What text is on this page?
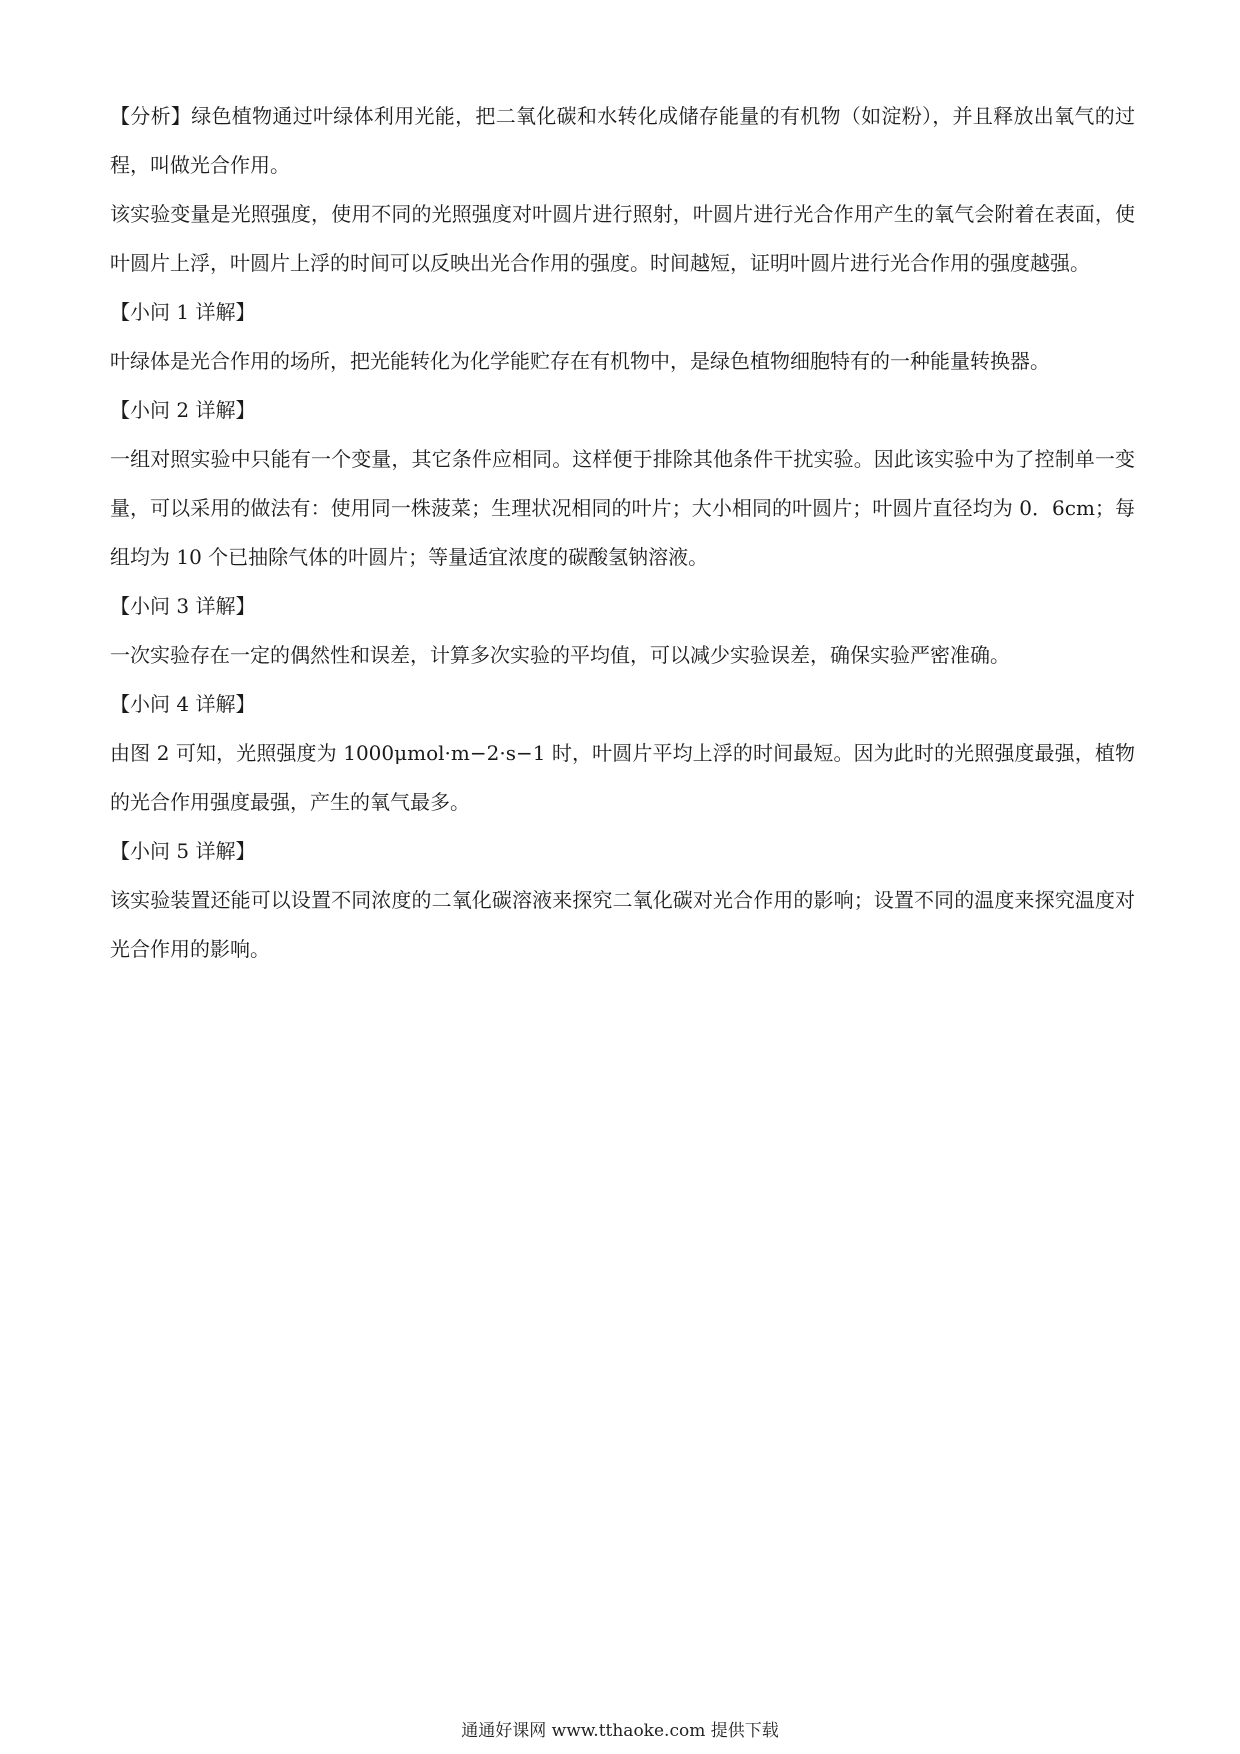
【分析】绿色植物通过叶绿体利用光能，把二氧化碳和水转化成储存能量的有机物（如淀粉），并且释放出氧气的过程，叫做光合作用。

该实验变量是光照强度，使用不同的光照强度对叶圆片进行照射，叶圆片进行光合作用产生的氧气会附着在表面，使叶圆片上浮，叶圆片上浮的时间可以反映出光合作用的强度。时间越短，证明叶圆片进行光合作用的强度越强。

【小问 1 详解】

叶绿体是光合作用的场所，把光能转化为化学能贮存在有机物中，是绿色植物细胞特有的一种能量转换器。

【小问 2 详解】

一组对照实验中只能有一个变量，其它条件应相同。这样便于排除其他条件干扰实验。因此该实验中为了控制单一变量，可以采用的做法有：使用同一株菠菜；生理状况相同的叶片；大小相同的叶圆片；叶圆片直径均为 0．6cm；每组均为 10 个已抽除气体的叶圆片；等量适宜浓度的碳酸氢钠溶液。

【小问 3 详解】

一次实验存在一定的偶然性和误差，计算多次实验的平均值，可以减少实验误差，确保实验严密准确。

【小问 4 详解】

由图 2 可知，光照强度为 1000μmol·m−2·s−1 时，叶圆片平均上浮的时间最短。因为此时的光照强度最强，植物的光合作用强度最强，产生的氧气最多。

【小问 5 详解】

该实验装置还能可以设置不同浓度的二氧化碳溶液来探究二氧化碳对光合作用的影响；设置不同的温度来探究温度对光合作用的影响。

通通好课网 www.tthaoke.com 提供下载
